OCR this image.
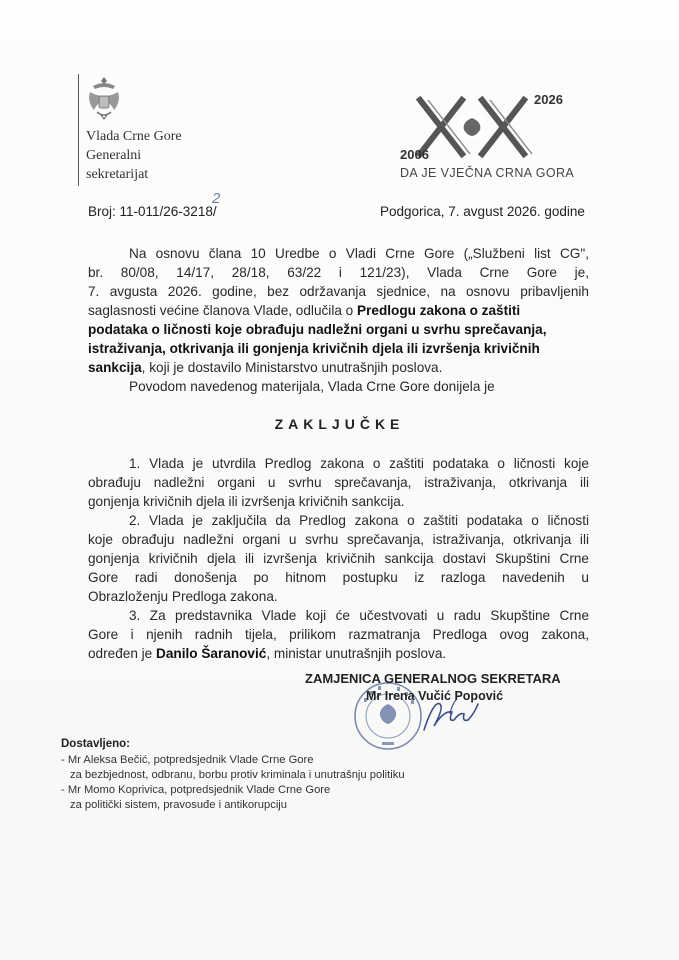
Vlada Crne Gore
Generalni
sekretarijat
2026
2006
DA JE VJEČNA CRNA GORA
Broj: 11-011/26-3218/
2
Podgorica, 7. avgust 2026. godine
Na osnovu člana 10 Uredbe o Vladi Crne Gore („Službeni list CG",
br. 80/08, 14/17, 28/18, 63/22 i 121/23), Vlada Crne Gore je,
7. avgusta 2026. godine, bez održavanja sjednice, na osnovu pribavljenih
saglasnosti većine članova Vlade, odlučila o Predlogu zakona o zaštiti
podataka o ličnosti koje obrađuju nadležni organi u svrhu sprečavanja,
istraživanja, otkrivanja ili gonjenja krivičnih djela ili izvršenja krivičnih
sankcija, koji je dostavilo Ministarstvo unutrašnjih poslova.
Povodom navedenog materijala, Vlada Crne Gore donijela je
ZAKLJUČKE
1. Vlada je utvrdila Predlog zakona o zaštiti podataka o ličnosti koje
obrađuju nadležni organi u svrhu sprečavanja, istraživanja, otkrivanja ili
gonjenja krivičnih djela ili izvršenja krivičnih sankcija.
2. Vlada je zaključila da Predlog zakona o zaštiti podataka o ličnosti
koje obrađuju nadležni organi u svrhu sprečavanja, istraživanja, otkrivanja ili
gonjenja krivičnih djela ili izvršenja krivičnih sankcija dostavi Skupštini Crne
Gore radi donošenja po hitnom postupku iz razloga navedenih u
Obrazloženju Predloga zakona.
3. Za predstavnika Vlade koji će učestvovati u radu Skupštine Crne
Gore i njenih radnih tijela, prilikom razmatranja Predloga ovog zakona,
određen je Danilo Šaranović, ministar unutrašnjih poslova.
ZAMJENICA GENERALNOG SEKRETARA
Mr Irena Vučić Popović
Dostavljeno:
- Mr Aleksa Bečić, potpredsjednik Vlade Crne Gore
za bezbjednost, odbranu, borbu protiv kriminala i unutrašnju politiku
- Mr Momo Koprivica, potpredsjednik Vlade Crne Gore
za politički sistem, pravosuđe i antikorupciju
